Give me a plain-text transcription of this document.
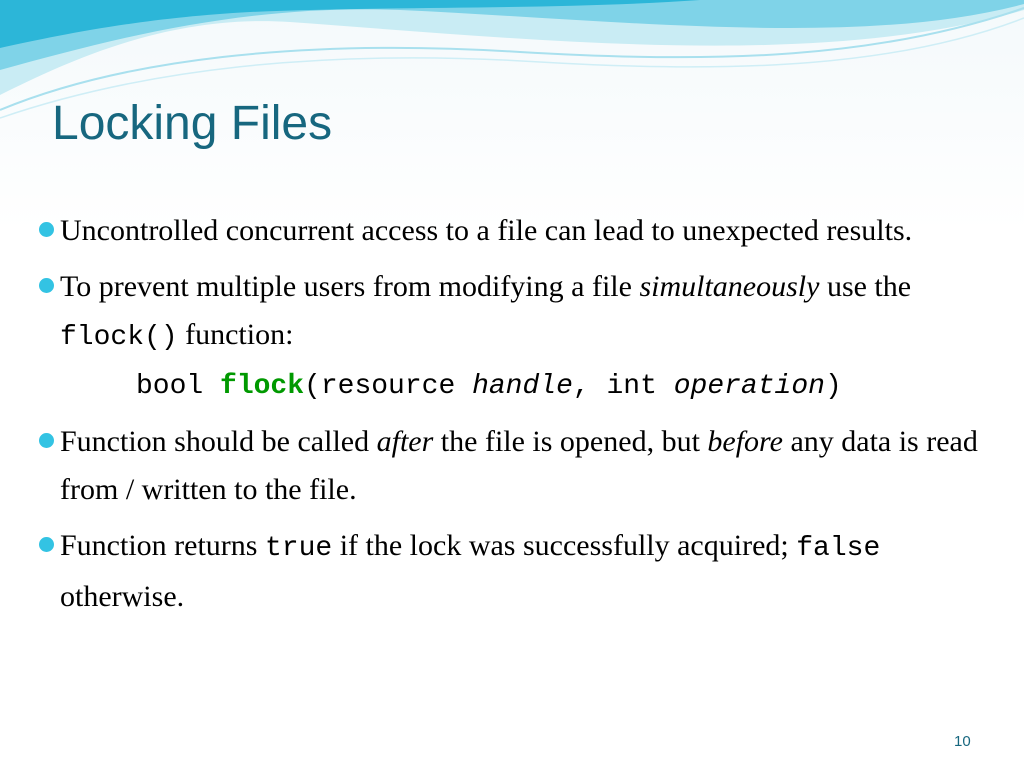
Locking Files
Uncontrolled concurrent access to a file can lead to unexpected results.
To prevent multiple users from modifying a file simultaneously use the flock() function:
bool flock(resource handle, int operation)
Function should be called after the file is opened, but before any data is read from / written to the file.
Function returns true if the lock was successfully acquired; false otherwise.
10
